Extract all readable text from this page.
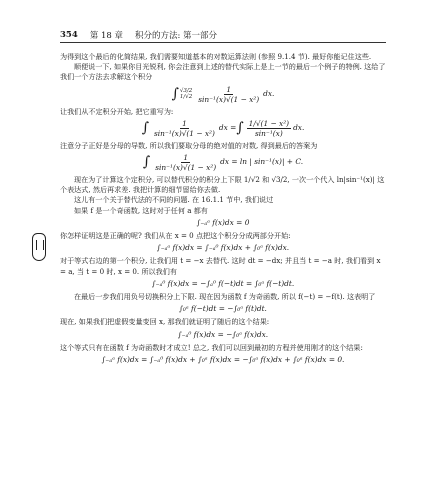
354 第 18 章 积分的方法: 第一部分

为得到这个最后的化简结果, 我们需要知道基本的对数运算法则 (参照 9.1.4 节). 最好你能记住这些.

顺便说一下, 如果你目光锐利, 你会注意到上述的替代实际上是上一节的最后一个例子的特例. 这给了我们一个方法去求解这个积分

∫ √3/2
$1/√2 \frac{1}{\text{sin⁻¹(x)√(1 − x²)}}$ dx.

让我们从不定积分开始, 把它重写为:

∫ $\frac{1}{\text{sin⁻¹(x)√(1 − x²)}}$ dx = ∫ $\frac{\text{1/√(1 − x²)}}{\text{sin⁻¹(x)}}$ dx.

注意分子正好是分母的导数, 所以我们要取分母的绝对值的对数, 得到最后的答案为

∫ $\frac{1}{\text{sin⁻¹(x)√(1 − x²)}}$ dx = ln | sin⁻¹(x)| + C.

现在为了计算这个定积分, 可以替代积分的积分上下限 1/√2 和 √3/2, 一次一个代入 ln|sin⁻¹(x)| 这个表达式, 然后再求差. 我把计算的细节留给你去做.

这儿有一个关于替代法的不同的问题. 在 16.1.1 节中, 我们说过

如果 f 是一个奇函数, 这时对于任何 a 都有

∫₋ₐᵃ f(x)dx = 0

你怎样证明这是正确的呢? 我们从在 x = 0 点把这个积分分成两部分开始:

∫₋ₐᵃ f(x)dx = ∫₋ₐ⁰ f(x)dx + ∫₀ᵃ f(x)dx.

对于等式右边的第一个积分, 让我们用 t = −x 去替代. 这时 dt = −dx; 并且当 t = −a 时, 我们看到 x = a, 当 t = 0 时, x = 0. 所以我们有

∫₋ₐ⁰ f(x)dx = −∫ₐ⁰ f(−t)dt = ∫₀ᵃ f(−t)dt.

在最后一步我们用负号切换积分上下限. 现在因为函数 f 为奇函数, 所以 f(−t) = −f(t). 这表明了

∫₀ᵃ f(−t)dt = −∫₀ᵃ f(t)dt.

现在, 如果我们把虚假变量变回 x, 那我们就证明了随后的这个结果:

∫₋ₐ⁰ f(x)dx = −∫₀ᵃ f(x)dx.

这个等式只有在函数 f 为奇函数时才成立! 总之, 我们可以回到最初的方程并使用刚才的这个结果:

∫₋ₐᵃ f(x)dx = ∫₋ₐ⁰ f(x)dx + ∫₀ᵃ f(x)dx = −∫₀ᵃ f(x)dx + ∫₀ᵃ f(x)dx = 0.
